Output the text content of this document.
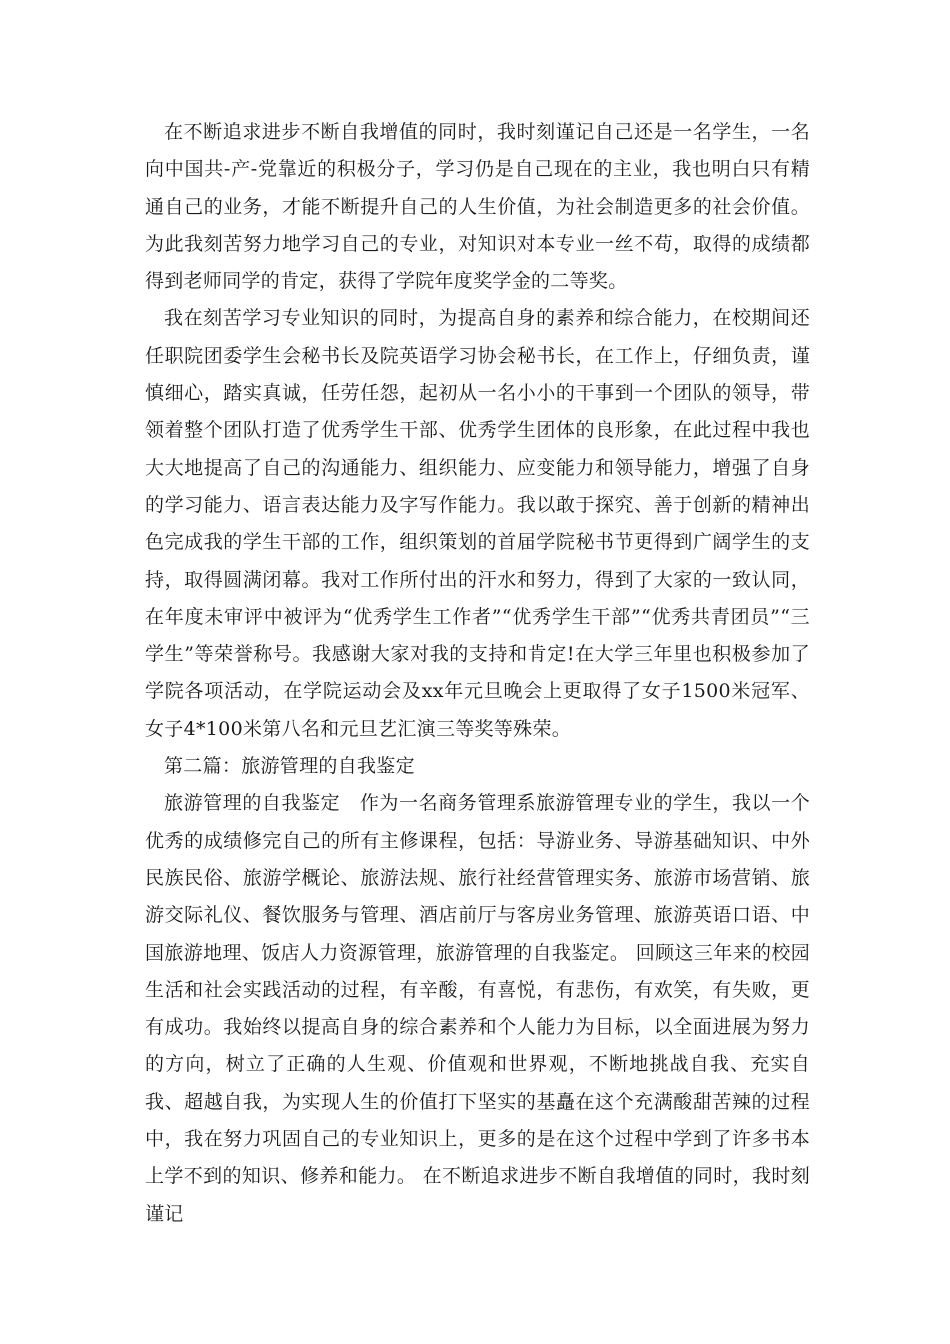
在不断追求进步不断自我增值的同时，我时刻谨记自己还是一名学生，一名向中国共-产-党靠近的积极分子，学习仍是自己现在的主业，我也明白只有精通自己的业务，才能不断提升自己的人生价值，为社会制造更多的社会价值。为此我刻苦努力地学习自己的专业，对知识对本专业一丝不苟，取得的成绩都得到老师同学的肯定，获得了学院年度奖学金的二等奖。

我在刻苦学习专业知识的同时，为提高自身的素养和综合能力，在校期间还任职院团委学生会秘书长及院英语学习协会秘书长，在工作上，仔细负责，谨慎细心，踏实真诚，任劳任怨，起初从一名小小的干事到一个团队的领导，带领着整个团队打造了优秀学生干部、优秀学生团体的良形象，在此过程中我也大大地提高了自己的沟通能力、组织能力、应变能力和领导能力，增强了自身的学习能力、语言表达能力及字写作能力。我以敢于探究、善于创新的精神出色完成我的学生干部的工作，组织策划的首届学院秘书节更得到广阔学生的支持，取得圆满闭幕。我对工作所付出的汗水和努力，得到了大家的一致认同，在年度未审评中被评为“优秀学生工作者”“优秀学生干部”“优秀共青团员”“三学生”等荣誉称号。我感谢大家对我的支持和肯定!在大学三年里也积极参加了学院各项活动，在学院运动会及xx年元旦晚会上更取得了女子1500米冠军、女子4*100米第八名和元旦艺汇演三等奖等殊荣。

第二篇：旅游管理的自我鉴定

旅游管理的自我鉴定　作为一名商务管理系旅游管理专业的学生，我以一个优秀的成绩修完自己的所有主修课程，包括：导游业务、导游基础知识、中外民族民俗、旅游学概论、旅游法规、旅行社经营管理实务、旅游市场营销、旅游交际礼仪、餐饮服务与管理、酒店前厅与客房业务管理、旅游英语口语、中国旅游地理、饭店人力资源管理，旅游管理的自我鉴定。 回顾这三年来的校园生活和社会实践活动的过程，有辛酸，有喜悦，有悲伤，有欢笑，有失败，更有成功。我始终以提高自身的综合素养和个人能力为目标，以全面进展为努力的方向，树立了正确的人生观、价值观和世界观，不断地挑战自我、充实自我、超越自我，为实现人生的价值打下坚实的基矗在这个充满酸甜苦辣的过程中，我在努力巩固自己的专业知识上，更多的是在这个过程中学到了许多书本上学不到的知识、修养和能力。 在不断追求进步不断自我增值的同时，我时刻谨记
